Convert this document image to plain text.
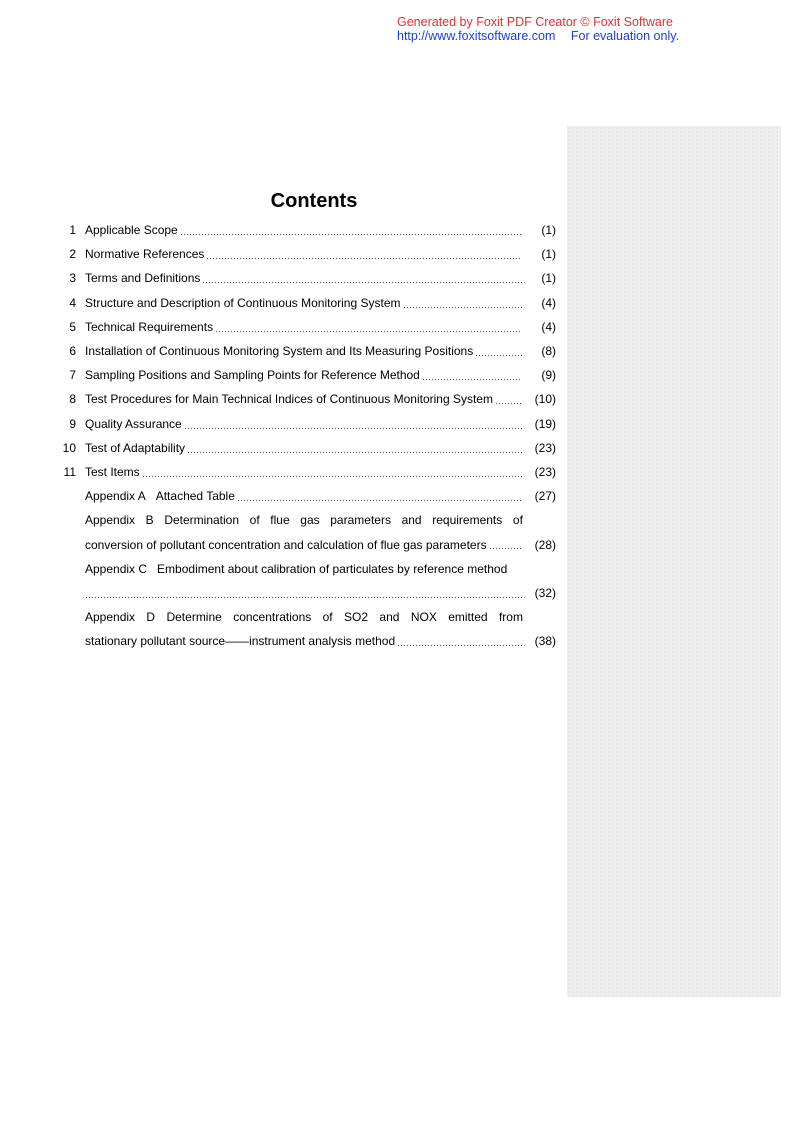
Generated by Foxit PDF Creator © Foxit Software
http://www.foxitsoftware.com For evaluation only.
Contents
1 Applicable Scope	(1)
2 Normative References	(1)
3 Terms and Definitions	(1)
4 Structure and Description of Continuous Monitoring System	(4)
5 Technical Requirements	(4)
6 Installation of Continuous Monitoring System and Its Measuring Positions	(8)
7 Sampling Positions and Sampling Points for Reference Method	(9)
8 Test Procedures for Main Technical Indices of Continuous Monitoring System	(10)
9 Quality Assurance	(19)
10 Test of Adaptability	(23)
11 Test Items	(23)
Appendix A Attached Table	(27)
Appendix B Determination of flue gas parameters and requirements of
conversion of pollutant concentration and calculation of flue gas parameters	(28)
Appendix C Embodiment about calibration of particulates by reference method
(32)
Appendix D Determine concentrations of SO2 and NOX emitted from
stationary pollutant source——instrument analysis method	(38)
